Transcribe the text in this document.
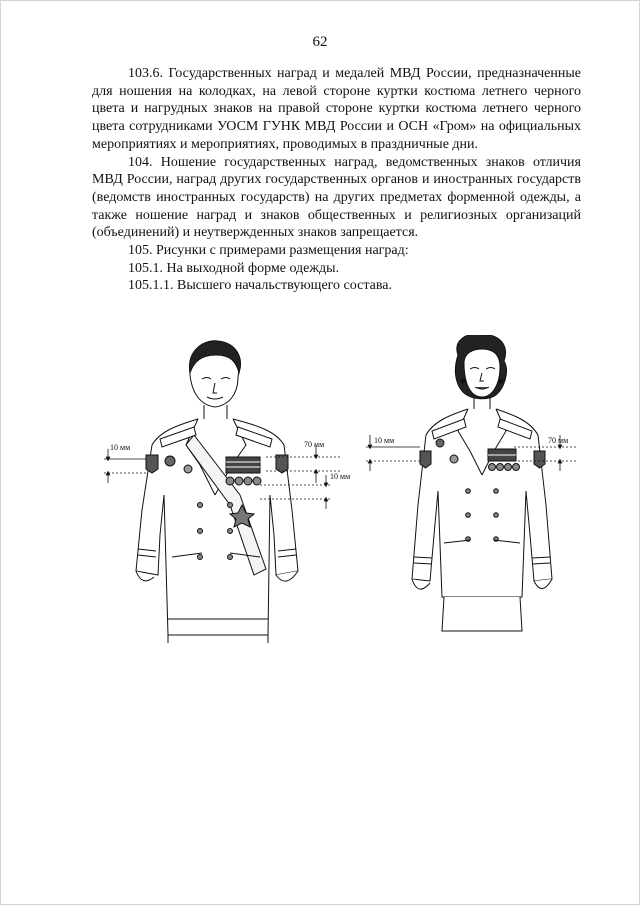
62

103.6. Государственных наград и медалей МВД России, предназначенные для ношения на колодках, на левой стороне куртки костюма летнего черного цвета и нагрудных знаков на правой стороне куртки костюма летнего черного цвета сотрудниками УОСМ ГУНК МВД России и ОСН «Гром» на официальных мероприятиях и мероприятиях, проводимых в праздничные дни.

104. Ношение государственных наград, ведомственных знаков отличия МВД России, наград других государственных органов и иностранных государств (ведомств иностранных государств) на других предметах форменной одежды, а также ношение наград и знаков общественных и религиозных организаций (объединений) и неутвержденных знаков запрещается.

105. Рисунки с примерами размещения наград:

105.1. На выходной форме одежды.

105.1.1. Высшего начальствующего состава.

10 мм	70 мм
10 мм
10 мм	70 мм
